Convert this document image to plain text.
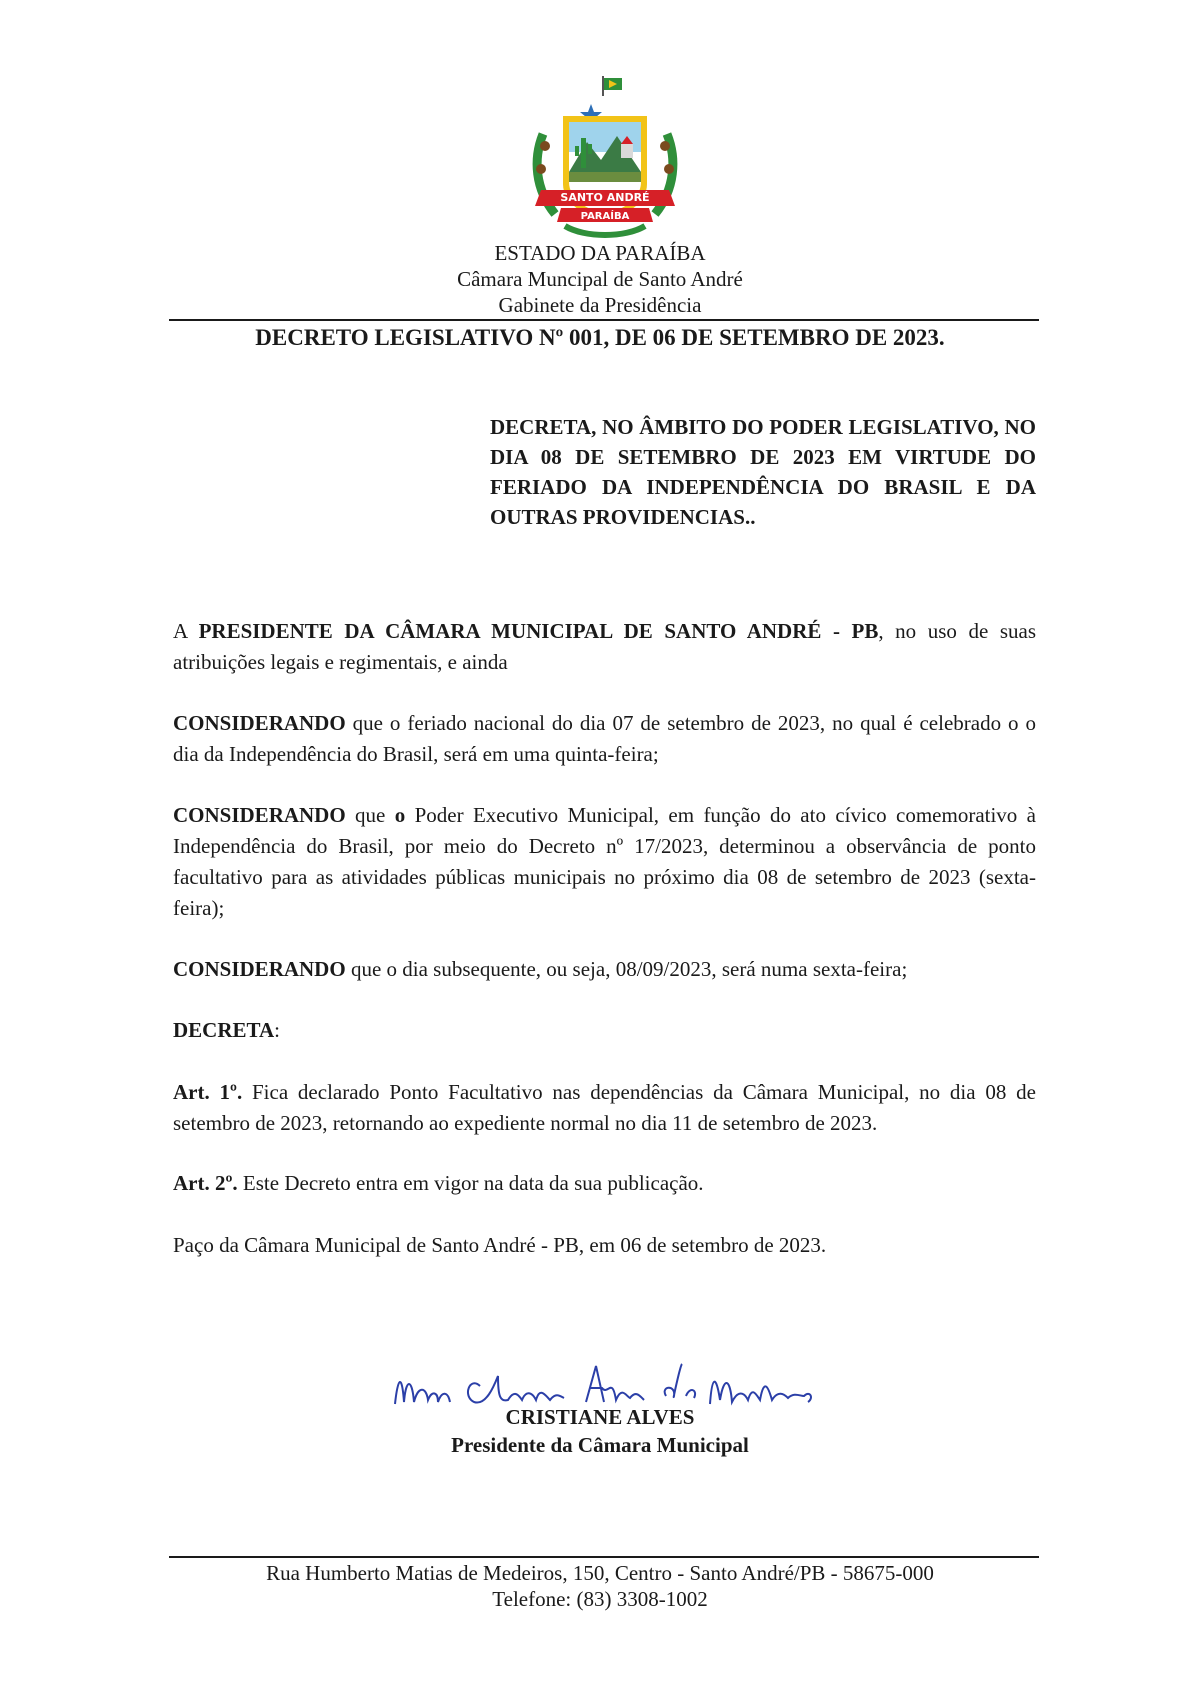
SANTO ANDRÉ
PARAÍBA
ESTADO DA PARAÍBA
Câmara Muncipal de Santo André
Gabinete da Presidência
DECRETO LEGISLATIVO Nº 001, DE 06 DE SETEMBRO DE 2023.
DECRETA, NO ÂMBITO DO PODER LEGISLATIVO, NO DIA 08 DE SETEMBRO DE 2023 EM VIRTUDE DO FERIADO DA INDEPENDÊNCIA DO BRASIL E DA OUTRAS PROVIDENCIAS..
A PRESIDENTE DA CÂMARA MUNICIPAL DE SANTO ANDRÉ - PB, no uso de suas atribuições legais e regimentais, e ainda
CONSIDERANDO que o feriado nacional do dia 07 de setembro de 2023, no qual é celebrado o o dia da Independência do Brasil, será em uma quinta-feira;
CONSIDERANDO que o Poder Executivo Municipal, em função do ato cívico comemorativo à Independência do Brasil, por meio do Decreto nº 17/2023, determinou a observância de ponto facultativo para as atividades públicas municipais no próximo dia 08 de setembro de 2023 (sexta-feira);
CONSIDERANDO que o dia subsequente, ou seja, 08/09/2023, será numa sexta-feira;
DECRETA:
Art. 1º. Fica declarado Ponto Facultativo nas dependências da Câmara Municipal, no dia 08 de setembro de 2023, retornando ao expediente normal no dia 11 de setembro de 2023.
Art. 2º. Este Decreto entra em vigor na data da sua publicação.
Paço da Câmara Municipal de Santo André - PB, em 06 de setembro de 2023.
CRISTIANE ALVES
Presidente da Câmara Municipal
Rua Humberto Matias de Medeiros, 150, Centro - Santo André/PB - 58675-000
Telefone: (83) 3308-1002
